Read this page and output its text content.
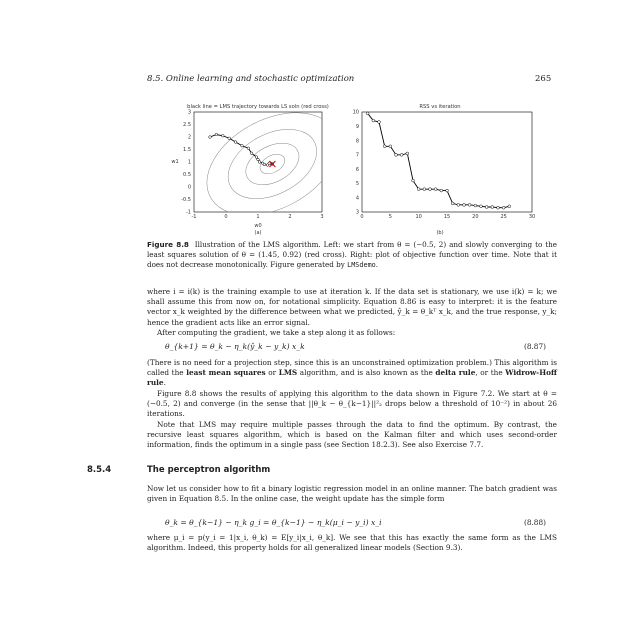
8.5. Online learning and stochastic optimization	265
black line = LMS trajectory towards LS soln (red cross)
3
2.5
2
1.5
1
0.5
0
-0.5
-1
-1	0	1	2	3
w0
w1
(a)
RSS vs iteration
10
9
8
7
6
5
4
3
0	5	10	15	20	25	30
(b)
Figure 8.8 Illustration of the LMS algorithm. Left: we start from θ = (−0.5, 2) and slowly converging to the least squares solution of θ = (1.45, 0.92) (red cross). Right: plot of objective function over time. Note that it does not decrease monotonically. Figure generated by LMSdemo.
where i = i(k) is the training example to use at iteration k. If the data set is stationary, we use i(k) = k; we shall assume this from now on, for notational simplicity. Equation 8.86 is easy to interpret: it is the feature vector x_k weighted by the difference between what we predicted, ŷ_k = θ_kᵀ x_k, and the true response, y_k; hence the gradient acts like an error signal.
After computing the gradient, we take a step along it as follows:
θ_{k+1} = θ_k − η_k(ŷ_k − y_k) x_k	(8.87)
(There is no need for a projection step, since this is an unconstrained optimization problem.) This algorithm is called the least mean squares or LMS algorithm, and is also known as the delta rule, or the Widrow-Hoff rule.
Figure 8.8 shows the results of applying this algorithm to the data shown in Figure 7.2. We start at θ = (−0.5, 2) and converge (in the sense that ||θ_k − θ_{k−1}||²₂ drops below a threshold of 10⁻²) in about 26 iterations.
Note that LMS may require multiple passes through the data to find the optimum. By contrast, the recursive least squares algorithm, which is based on the Kalman filter and which uses second-order information, finds the optimum in a single pass (see Section 18.2.3). See also Exercise 7.7.
8.5.4	The perceptron algorithm
Now let us consider how to fit a binary logistic regression model in an online manner. The batch gradient was given in Equation 8.5. In the online case, the weight update has the simple form
θ_k = θ_{k−1} − η_k g_i = θ_{k−1} − η_k(μ_i − y_i) x_i	(8.88)
where μ_i = p(y_i = 1|x_i, θ_k) = E[y_i|x_i, θ_k]. We see that this has exactly the same form as the LMS algorithm. Indeed, this property holds for all generalized linear models (Section 9.3).
